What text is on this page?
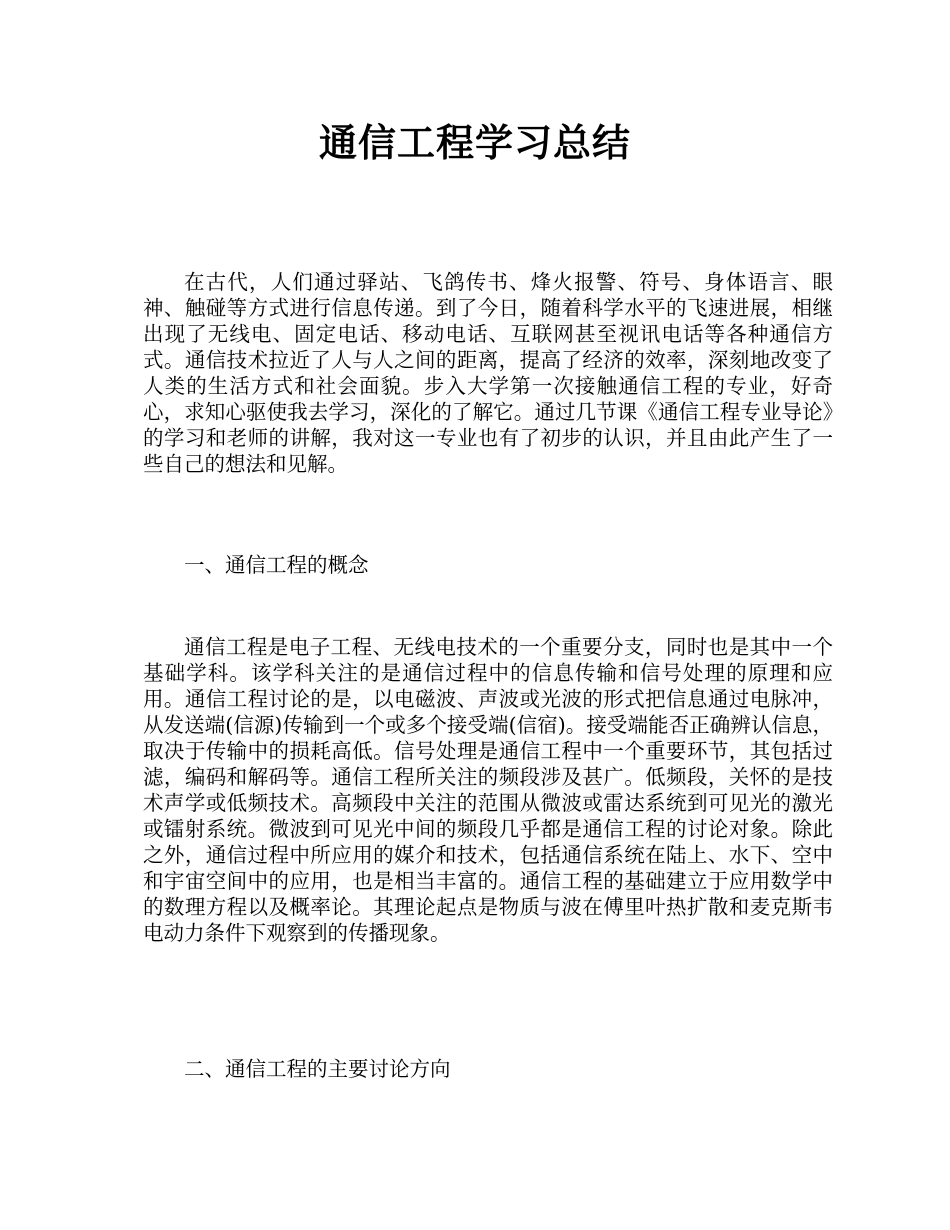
通信工程学习总结

在古代，人们通过驿站、飞鸽传书、烽火报警、符号、身体语言、眼神、触碰等方式进行信息传递。到了今日，随着科学水平的飞速进展，相继出现了无线电、固定电话、移动电话、互联网甚至视讯电话等各种通信方式。通信技术拉近了人与人之间的距离，提高了经济的效率，深刻地改变了人类的生活方式和社会面貌。步入大学第一次接触通信工程的专业，好奇心，求知心驱使我去学习，深化的了解它。通过几节课《通信工程专业导论》的学习和老师的讲解，我对这一专业也有了初步的认识，并且由此产生了一些自己的想法和见解。

一、通信工程的概念

通信工程是电子工程、无线电技术的一个重要分支，同时也是其中一个基础学科。该学科关注的是通信过程中的信息传输和信号处理的原理和应用。通信工程讨论的是，以电磁波、声波或光波的形式把信息通过电脉冲，从发送端(信源)传输到一个或多个接受端(信宿)。接受端能否正确辨认信息，取决于传输中的损耗高低。信号处理是通信工程中一个重要环节，其包括过滤，编码和解码等。通信工程所关注的频段涉及甚广。低频段，关怀的是技术声学或低频技术。高频段中关注的范围从微波或雷达系统到可见光的激光或镭射系统。微波到可见光中间的频段几乎都是通信工程的讨论对象。除此之外，通信过程中所应用的媒介和技术，包括通信系统在陆上、水下、空中和宇宙空间中的应用，也是相当丰富的。通信工程的基础建立于应用数学中的数理方程以及概率论。其理论起点是物质与波在傅里叶热扩散和麦克斯韦电动力条件下观察到的传播现象。

二、通信工程的主要讨论方向
